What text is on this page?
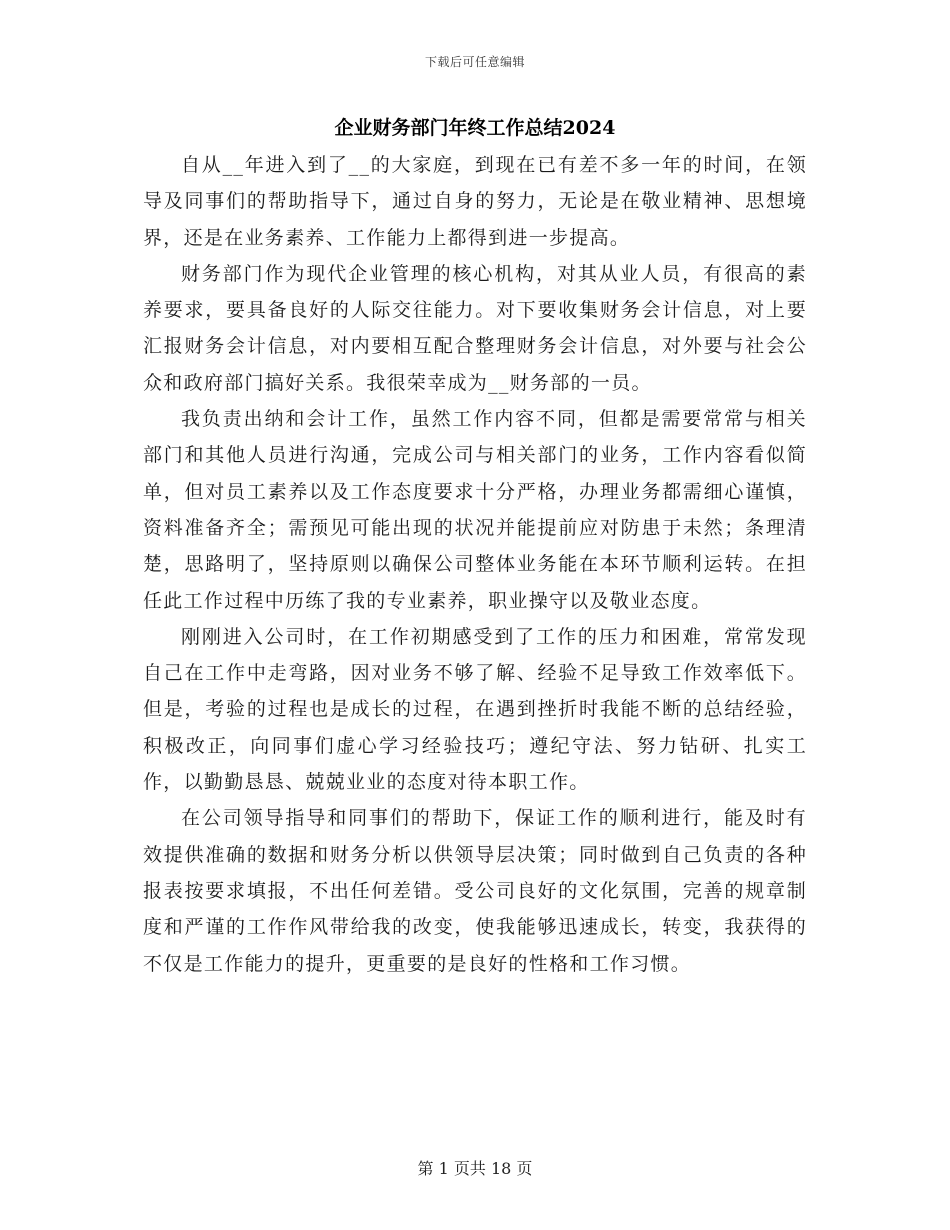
下载后可任意编辑
企业财务部门年终工作总结2024

自从__年进入到了__的大家庭，到现在已有差不多一年的时间，在领导及同事们的帮助指导下，通过自身的努力，无论是在敬业精神、思想境界，还是在业务素养、工作能力上都得到进一步提高。

财务部门作为现代企业管理的核心机构，对其从业人员，有很高的素养要求，要具备良好的人际交往能力。对下要收集财务会计信息，对上要汇报财务会计信息，对内要相互配合整理财务会计信息，对外要与社会公众和政府部门搞好关系。我很荣幸成为__财务部的一员。

我负责出纳和会计工作，虽然工作内容不同，但都是需要常常与相关部门和其他人员进行沟通，完成公司与相关部门的业务，工作内容看似简单，但对员工素养以及工作态度要求十分严格，办理业务都需细心谨慎，资料准备齐全；需预见可能出现的状况并能提前应对防患于未然；条理清楚，思路明了，坚持原则以确保公司整体业务能在本环节顺利运转。在担任此工作过程中历练了我的专业素养，职业操守以及敬业态度。

刚刚进入公司时，在工作初期感受到了工作的压力和困难，常常发现自己在工作中走弯路，因对业务不够了解、经验不足导致工作效率低下。但是，考验的过程也是成长的过程，在遇到挫折时我能不断的总结经验，积极改正，向同事们虚心学习经验技巧；遵纪守法、努力钻研、扎实工作，以勤勤恳恳、兢兢业业的态度对待本职工作。

在公司领导指导和同事们的帮助下，保证工作的顺利进行，能及时有效提供准确的数据和财务分析以供领导层决策；同时做到自己负责的各种报表按要求填报，不出任何差错。受公司良好的文化氛围，完善的规章制度和严谨的工作作风带给我的改变，使我能够迅速成长，转变，我获得的不仅是工作能力的提升，更重要的是良好的性格和工作习惯。

第 1 页共 18 页
